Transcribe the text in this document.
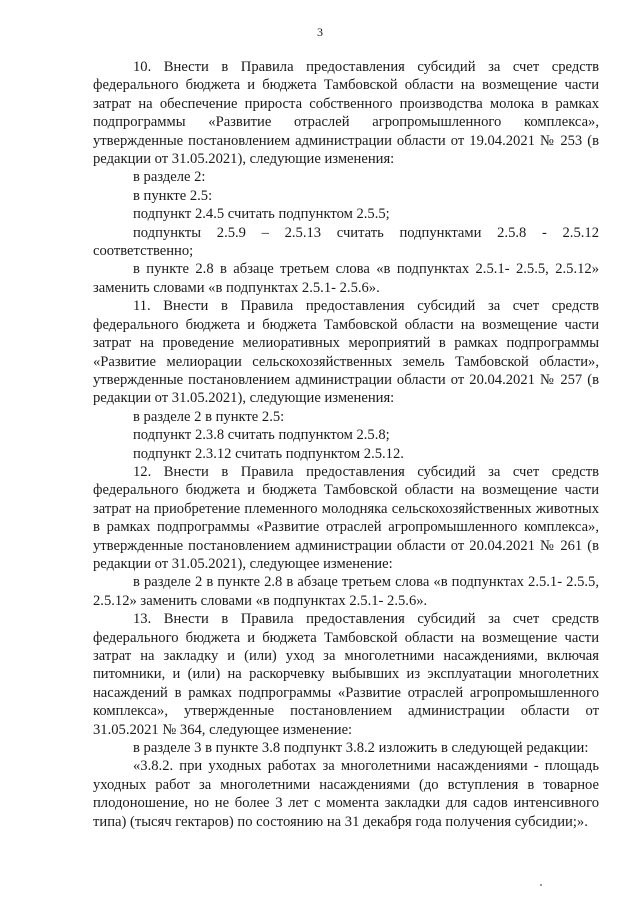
3

10. Внести в Правила предоставления субсидий за счет средств федерального бюджета и бюджета Тамбовской области на возмещение части затрат на обеспечение прироста собственного производства молока в рамках подпрограммы «Развитие отраслей агропромышленного комплекса», утвержденные постановлением администрации области от 19.04.2021 № 253 (в редакции от 31.05.2021), следующие изменения:

в разделе 2:

в пункте 2.5:

подпункт 2.4.5 считать подпунктом 2.5.5;

подпункты 2.5.9 – 2.5.13 считать подпунктами 2.5.8 - 2.5.12 соответственно;

в пункте 2.8 в абзаце третьем слова «в подпунктах 2.5.1- 2.5.5, 2.5.12» заменить словами «в подпунктах 2.5.1- 2.5.6».

11. Внести в Правила предоставления субсидий за счет средств федерального бюджета и бюджета Тамбовской области на возмещение части затрат на проведение мелиоративных мероприятий в рамках подпрограммы «Развитие мелиорации сельскохозяйственных земель Тамбовской области», утвержденные постановлением администрации области от 20.04.2021 № 257 (в редакции от 31.05.2021), следующие изменения:

в разделе 2 в пункте 2.5:

подпункт 2.3.8 считать подпунктом 2.5.8;

подпункт 2.3.12 считать подпунктом 2.5.12.

12. Внести в Правила предоставления субсидий за счет средств федерального бюджета и бюджета Тамбовской области на возмещение части затрат на приобретение племенного молодняка сельскохозяйственных животных в рамках подпрограммы «Развитие отраслей агропромышленного комплекса», утвержденные постановлением администрации области от 20.04.2021 № 261 (в редакции от 31.05.2021), следующее изменение:

в разделе 2 в пункте 2.8 в абзаце третьем слова «в подпунктах 2.5.1- 2.5.5, 2.5.12» заменить словами «в подпунктах 2.5.1- 2.5.6».

13. Внести в Правила предоставления субсидий за счет средств федерального бюджета и бюджета Тамбовской области на возмещение части затрат на закладку и (или) уход за многолетними насаждениями, включая питомники, и (или) на раскорчевку выбывших из эксплуатации многолетних насаждений в рамках подпрограммы «Развитие отраслей агропромышленного комплекса», утвержденные постановлением администрации области от 31.05.2021 № 364, следующее изменение:

в разделе 3 в пункте 3.8 подпункт 3.8.2 изложить в следующей редакции:

«3.8.2. при уходных работах за многолетними насаждениями - площадь уходных работ за многолетними насаждениями (до вступления в товарное плодоношение, но не более 3 лет с момента закладки для садов интенсивного типа) (тысяч гектаров) по состоянию на 31 декабря года получения субсидии;».
